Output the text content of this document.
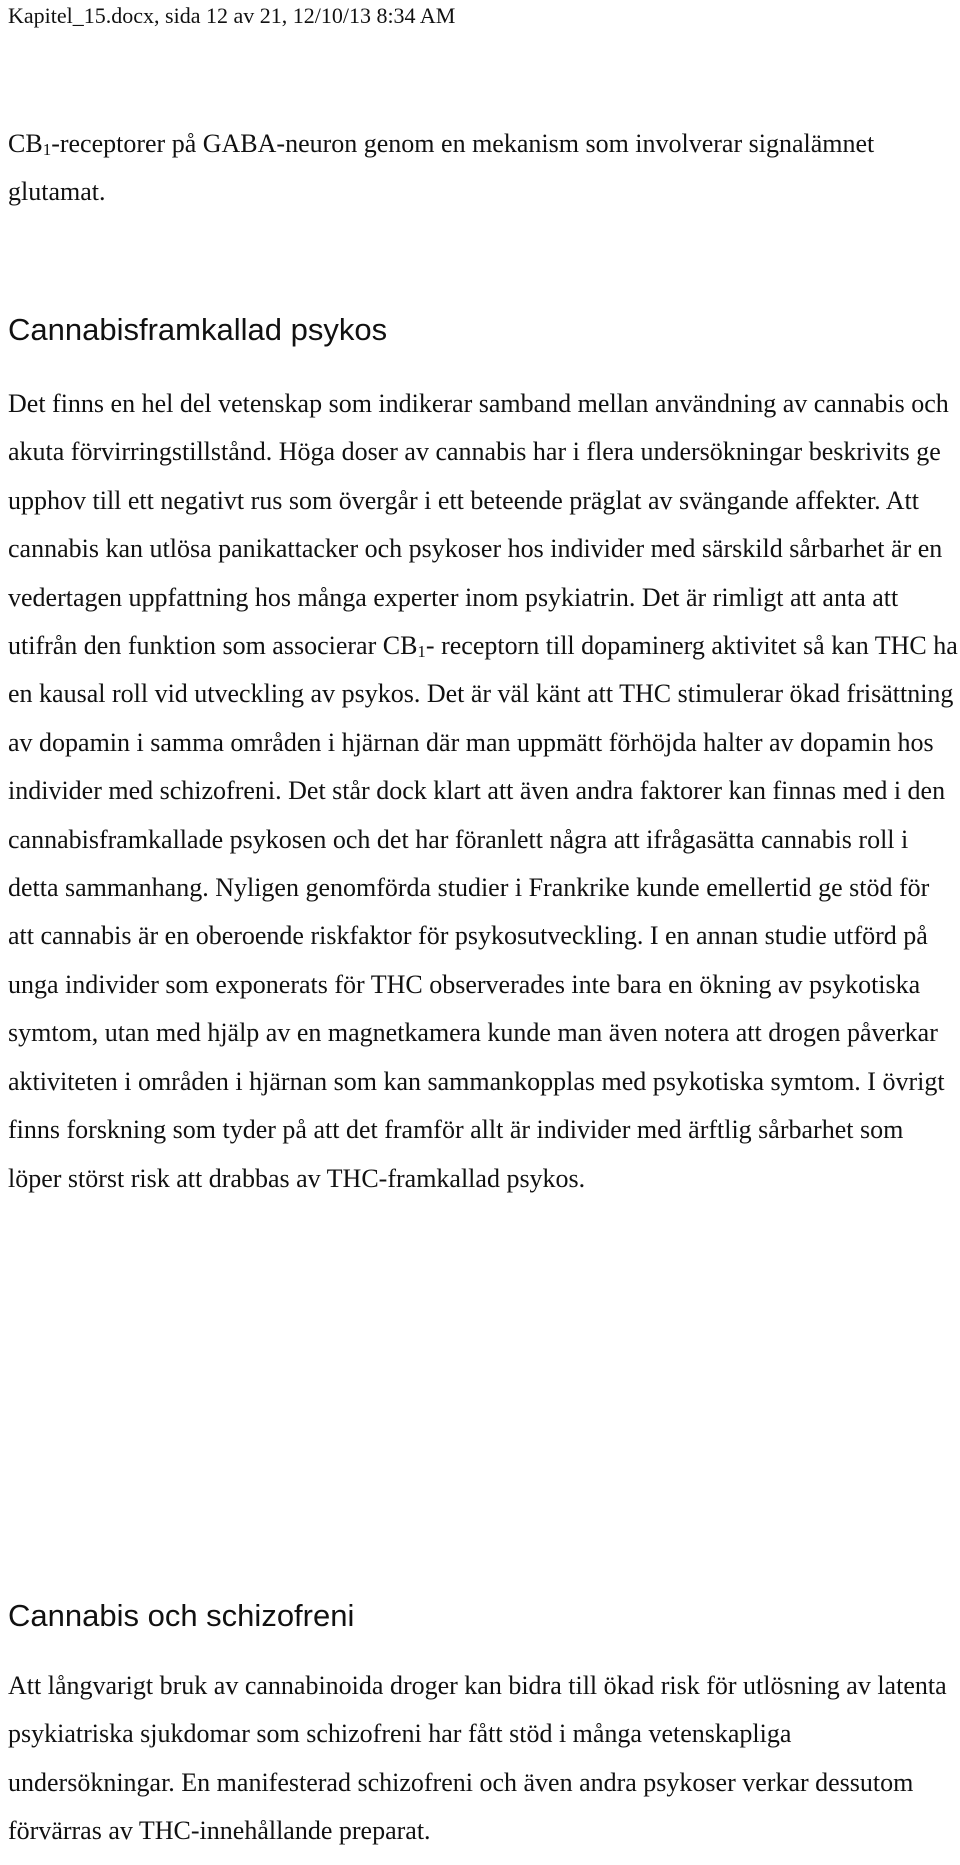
Kapitel_15.docx, sida 12 av 21, 12/10/13 8:34 AM

$CB_1$-receptorer på GABA-neuron genom en mekanism som involverar signalämnet glutamat.

Cannabisframkallad psykos

Det finns en hel del vetenskap som indikerar samband mellan användning av cannabis och akuta förvirringstillstånd. Höga doser av cannabis har i flera undersökningar beskrivits ge upphov till ett negativt rus som övergår i ett beteende präglat av svängande affekter. Att cannabis kan utlösa panikattacker och psykoser hos individer med särskild sårbarhet är en vedertagen uppfattning hos många experter inom psykiatrin. Det är rimligt att anta att utifrån den funktion som associerar $CB_1-$ receptorn till dopaminerg aktivitet så kan THC ha en kausal roll vid utveckling av psykos. Det är väl känt att THC stimulerar ökad frisättning av dopamin i samma områden i hjärnan där man uppmätt förhöjda halter av dopamin hos individer med schizofreni. Det står dock klart att även andra faktorer kan finnas med i den cannabisframkallade psykosen och det har föranlett några att ifrågasätta cannabis roll i detta sammanhang. Nyligen genomförda studier i Frankrike kunde emellertid ge stöd för att cannabis är en oberoende riskfaktor för psykosutveckling. I en annan studie utförd på unga individer som exponerats för THC observerades inte bara en ökning av psykotiska symtom, utan med hjälp av en magnetkamera kunde man även notera att drogen påverkar aktiviteten i områden i hjärnan som kan sammankopplas med psykotiska symtom. I övrigt finns forskning som tyder på att det framför allt är individer med ärftlig sårbarhet som löper störst risk att drabbas av THC-framkallad psykos.

Cannabis och schizofreni

Att långvarigt bruk av cannabinoida droger kan bidra till ökad risk för utlösning av latenta psykiatriska sjukdomar som schizofreni har fått stöd i många vetenskapliga undersökningar. En manifesterad schizofreni och även andra psykoser verkar dessutom förvärras av THC-innehållande preparat.
